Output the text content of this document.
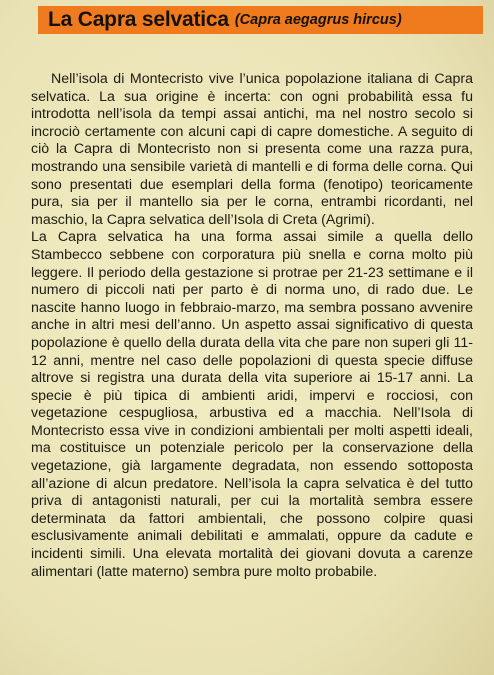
La Capra selvatica (Capra aegagrus hircus)

Nell’isola di Montecristo vive l’unica popolazione italiana di Capra selvatica. La sua origine è incerta: con ogni probabilità essa fu introdotta nell’isola da tempi assai antichi, ma nel nostro secolo si incrociò certamente con alcuni capi di capre domestiche. A seguito di ciò la Capra di Montecristo non si presenta come una razza pura, mostrando una sensibile varietà di mantelli e di forma delle corna. Qui sono presentati due esemplari della forma (fenotipo) teoricamente pura, sia per il mantello sia per le corna, entrambi ricordanti, nel maschio, la Capra selvatica dell’Isola di Creta (Agrimi).

La Capra selvatica ha una forma assai simile a quella dello Stambecco sebbene con corporatura più snella e corna molto più leggere. Il periodo della gestazione si protrae per 21-23 settimane e il numero di piccoli nati per parto è di norma uno, di rado due. Le nascite hanno luogo in febbraio-marzo, ma sembra possano avvenire anche in altri mesi dell’anno. Un aspetto assai significativo di questa popolazione è quello della durata della vita che pare non superi gli 11-12 anni, mentre nel caso delle popolazioni di questa specie diffuse altrove si registra una durata della vita superiore ai 15-17 anni. La specie è più tipica di ambienti aridi, impervi e rocciosi, con vegetazione cespugliosa, arbustiva ed a macchia. Nell’Isola di Montecristo essa vive in condizioni ambientali per molti aspetti ideali, ma costituisce un potenziale pericolo per la conservazione della vegetazione, già largamente degradata, non essendo sottoposta all’azione di alcun predatore. Nell’isola la capra selvatica è del tutto priva di antagonisti naturali, per cui la mortalità sembra essere determinata da fattori ambientali, che possono colpire quasi esclusivamente animali debilitati e ammalati, oppure da cadute e incidenti simili. Una elevata mortalità dei giovani dovuta a carenze alimentari (latte materno) sembra pure molto probabile.
